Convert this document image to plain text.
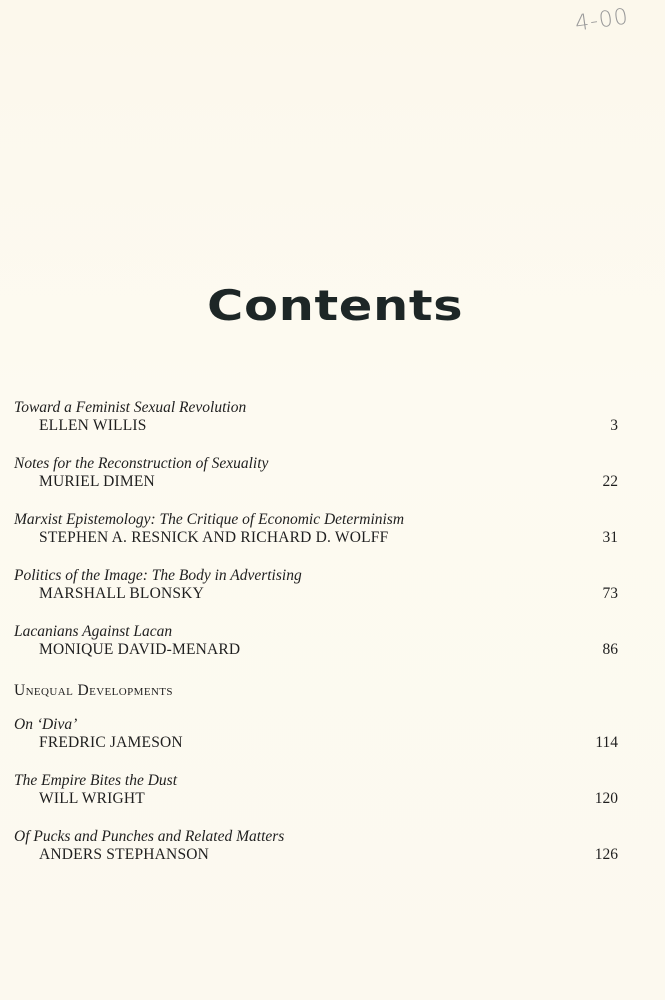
4-00
Contents
Toward a Feminist Sexual Revolution
ELLEN WILLIS	3
Notes for the Reconstruction of Sexuality
MURIEL DIMEN	22
Marxist Epistemology: The Critique of Economic Determinism
STEPHEN A. RESNICK AND RICHARD D. WOLFF	31
Politics of the Image: The Body in Advertising
MARSHALL BLONSKY	73
Lacanians Against Lacan
MONIQUE DAVID-MENARD	86
Unequal Developments
On ‘Diva’
FREDRIC JAMESON	114
The Empire Bites the Dust
WILL WRIGHT	120
Of Pucks and Punches and Related Matters
ANDERS STEPHANSON	126
